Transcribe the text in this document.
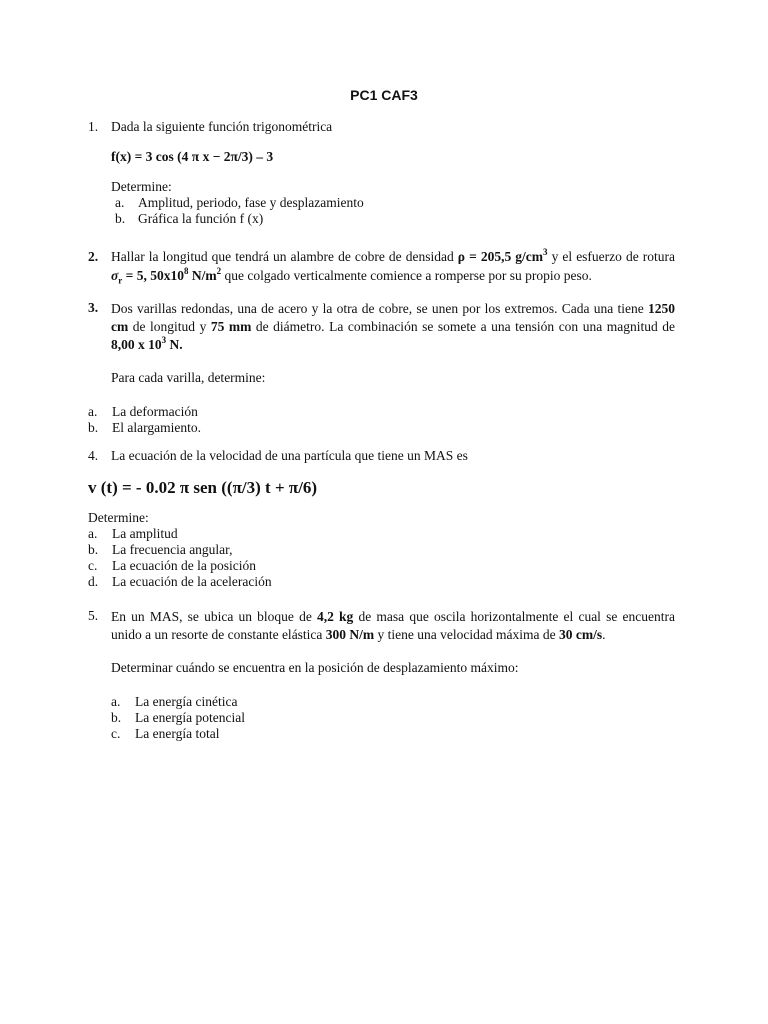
PC1 CAF3
1. Dada la siguiente función trigonométrica
f(x) = 3 cos (4 π x − 2π/3) – 3
Determine:
a. Amplitud, periodo, fase y desplazamiento
b. Gráfica la función f (x)
2. Hallar la longitud que tendrá un alambre de cobre de densidad ρ = 205,5 $g/cm^3$ y el esfuerzo de rotura $\sigma_r = 5$, $50x10^8$ $N/m^2$ que colgado verticalmente comience a romperse por su propio peso.
3. Dos varillas redondas, una de acero y la otra de cobre, se unen por los extremos. Cada una tiene 1250 cm de longitud y 75 mm de diámetro. La combinación se somete a una tensión con una magnitud de 8,00 x $10^3$ N.
Para cada varilla, determine:
a. La deformación
b. El alargamiento.
4. La ecuación de la velocidad de una partícula que tiene un MAS es
v (t) = - 0.02 π sen ((π/3) t + π/6)
Determine:
a. La amplitud
b. La frecuencia angular,
c. La ecuación de la posición
d. La ecuación de la aceleración
5. En un MAS, se ubica un bloque de 4,2 kg de masa que oscila horizontalmente el cual se encuentra unido a un resorte de constante elástica 300 N/m y tiene una velocidad máxima de 30 cm/s.
Determinar cuándo se encuentra en la posición de desplazamiento máximo:
a. La energía cinética
b. La energía potencial
c. La energía total
